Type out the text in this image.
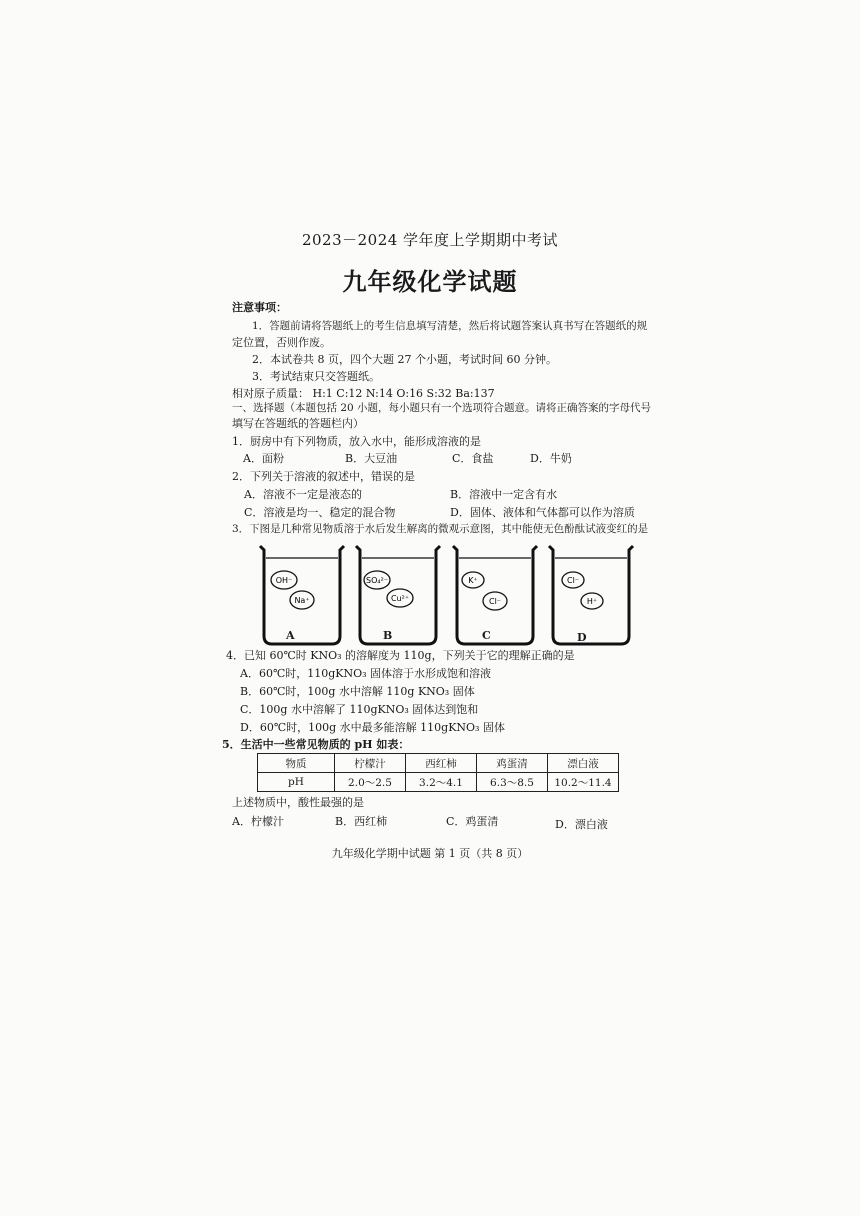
2023－2024 学年度上学期期中考试
九年级化学试题
注意事项：
1．答题前请将答题纸上的考生信息填写清楚，然后将试题答案认真书写在答题纸的规
定位置，否则作废。
2．本试卷共 8 页，四个大题 27 个小题，考试时间 60 分钟。
3．考试结束只交答题纸。
相对原子质量： H:1 C:12 N:14 O:16 S:32 Ba:137
一、选择题（本题包括 20 小题，每小题只有一个选项符合题意。请将正确答案的字母代号
填写在答题纸的答题栏内）
1．厨房中有下列物质，放入水中，能形成溶液的是
A．面粉	B．大豆油	C．食盐	D．牛奶
2．下列关于溶液的叙述中，错误的是
A．溶液不一定是液态的	B．溶液中一定含有水
C．溶液是均一、稳定的混合物	D．固体、液体和气体都可以作为溶质
3．下图是几种常见物质溶于水后发生解离的微观示意图，其中能使无色酚酞试液变红的是
OH⁻
Na⁺
SO₄²⁻
Cu²⁺
K⁺
Cl⁻
Cl⁻
H⁺
A	B	C	D
4．已知 60℃时 KNO₃ 的溶解度为 110g，下列关于它的理解正确的是
A．60℃时，110gKNO₃ 固体溶于水形成饱和溶液
B．60℃时，100g 水中溶解 110g KNO₃ 固体
C．100g 水中溶解了 110gKNO₃ 固体达到饱和
D．60℃时，100g 水中最多能溶解 110gKNO₃ 固体
5．生活中一些常见物质的 pH 如表：
物质	柠檬汁	西红柿	鸡蛋清	漂白液
pH	2.0～2.5	3.2～4.1	6.3～8.5	10.2～11.4
上述物质中，酸性最强的是
A．柠檬汁	B．西红柿	C．鸡蛋清	D．漂白液
九年级化学期中试题 第 1 页（共 8 页）
